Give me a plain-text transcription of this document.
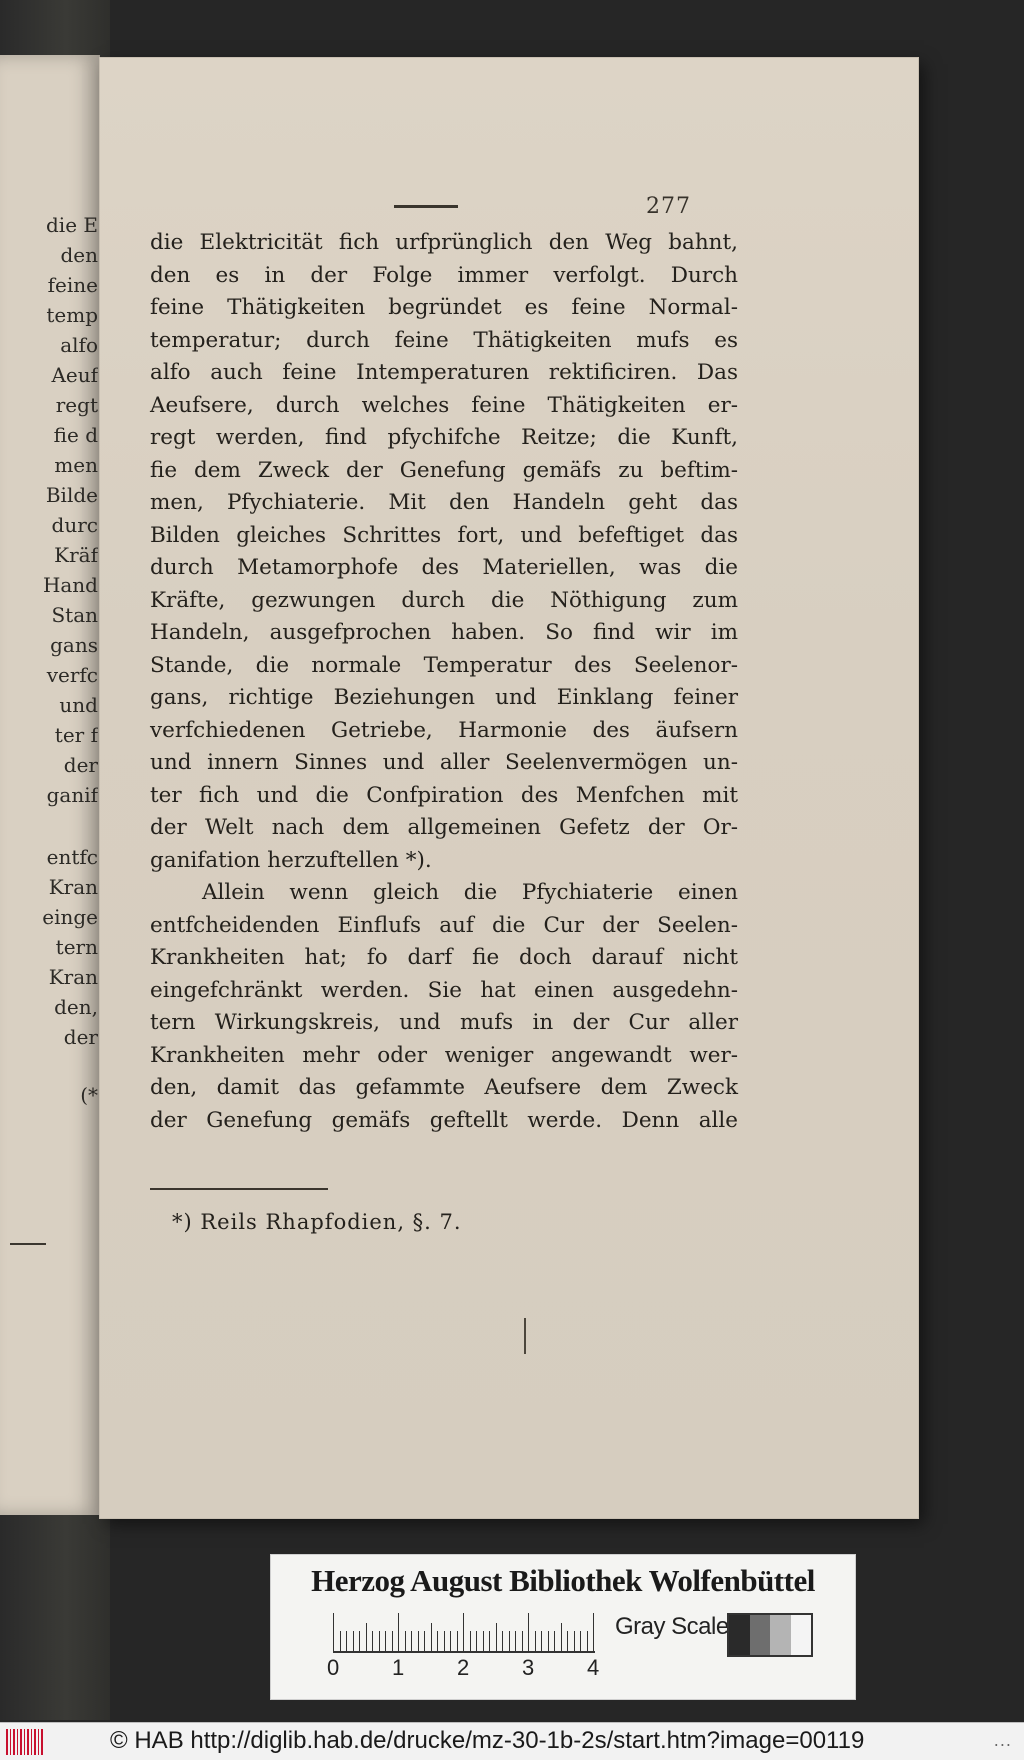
die E
den
feine
temp
alfo
Aeuf
regt
fie d
men
Bilde
durc
Kräf
Hand
Stan
gans
verfc
und
ter f
der
ganif
entfc
Kran
einge
tern
Kran
den,
der
(*
277
*) Reils Rhapfodien, §. 7.
die Elektricität fich urfprünglich den Weg bahnt,
den es in der Folge immer verfolgt. Durch
feine Thätigkeiten begründet es feine Normal-
temperatur; durch feine Thätigkeiten mufs es
alfo auch feine Intemperaturen rektificiren. Das
Aeufsere, durch welches feine Thätigkeiten er-
regt werden, find pfychifche Reitze; die Kunft,
fie dem Zweck der Genefung gemäfs zu beftim-
men, Pfychiaterie. Mit den Handeln geht das
Bilden gleiches Schrittes fort, und befeftiget das
durch Metamorphofe des Materiellen, was die
Kräfte, gezwungen durch die Nöthigung zum
Handeln, ausgefprochen haben. So find wir im
Stande, die normale Temperatur des Seelenor-
gans, richtige Beziehungen und Einklang feiner
verfchiedenen Getriebe, Harmonie des äufsern
und innern Sinnes und aller Seelenvermögen un-
ter fich und die Confpiration des Menfchen mit
der Welt nach dem allgemeinen Gefetz der Or-
ganifation herzuftellen *).
Allein wenn gleich die Pfychiaterie einen
entfcheidenden Einflufs auf die Cur der Seelen-
Krankheiten hat; fo darf fie doch darauf nicht
eingefchränkt werden. Sie hat einen ausgedehn-
tern Wirkungskreis, und mufs in der Cur aller
Krankheiten mehr oder weniger angewandt wer-
den, damit das gefammte Aeufsere dem Zweck
der Genefung gemäfs geftellt werde. Denn alle
Herzog August Bibliothek Wolfenbüttel
Gray Scale
0 1 2 3 4
© HAB http://diglib.hab.de/drucke/mz-30-1b-2s/start.htm?image=00119	...
